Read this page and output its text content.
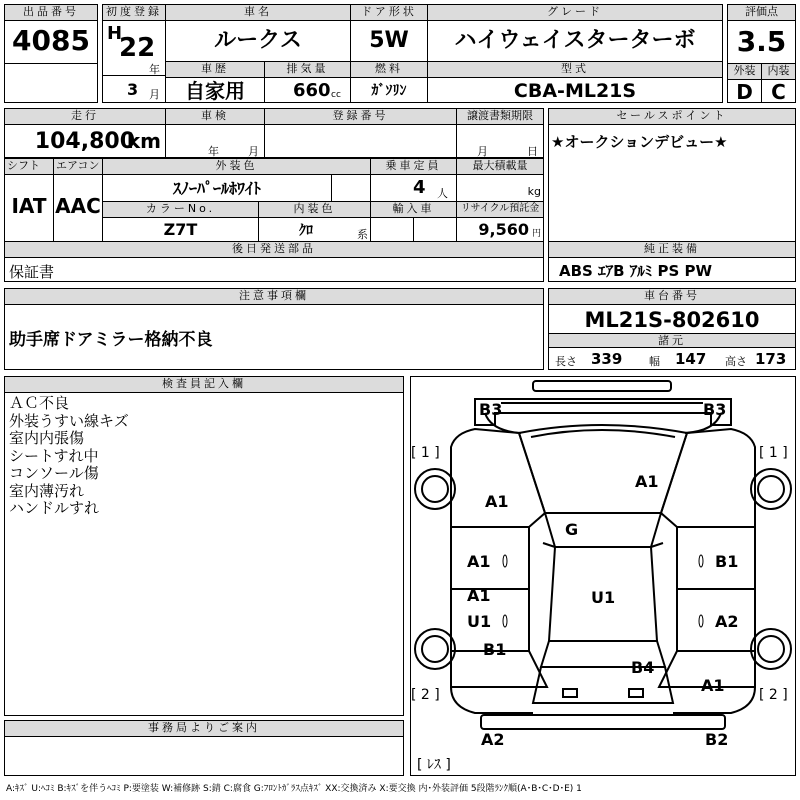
出品番号
4085
初度登録
H
22
年
3 月
車名
ルークス
ドア形状
5W
グレード
ハイウェイスターターボ
評価点
3.5
車歴
自家用
排気量
660 cc
燃料
ｶﾞｿﾘﾝ
型式
CBA-ML21S
外装
D
内装
C
走行
104,800
km
車検
年	月
登録番号	譲渡書類期限
月	日
セールスポイント
★オークションデビュー★
シフト
IAT
エアコン
AAC
外装色
ｽﾉｰﾊﾟｰﾙﾎﾜｲﾄ
乗車定員
4 人
最大積載量
kg
カラーNo.
Z7T
内装色
ｸﾛ	系
輸入車	リサイクル預託金
9,560 円
後日発送部品
保証書
純正装備
ABS ｴｱB ｱﾙﾐ PS PW
注意事項欄
助手席ドアミラー格納不良
車台番号
ML21S-802610
諸元
長さ 339 幅 147 高さ 173
検査員記入欄
ＡＣ不良
外装うすい線キズ
室内内張傷
シートすれ中
コンソール傷
室内薄汚れ
ハンドルすれ
事務局よりご案内
B3	B3
A1
A1
G
A1	B1
U1
A1
U1	A2
B1
B4
A1
A2	B2
[ 1 ]	[ 1 ]
[ 2 ]	[ 2 ]
[ ﾚｽ ]
A:ｷｽﾞ U:ﾍｺﾐ B:ｷｽﾞを伴うﾍｺﾐ P:要塗装 W:補修跡 S:錆 C:腐食 G:ﾌﾛﾝﾄｶﾞﾗｽ点ｷｽﾞ XX:交換済み X:要交換 内･外装評価 5段階ﾗﾝｸ順(A･B･C･D･E) 1
